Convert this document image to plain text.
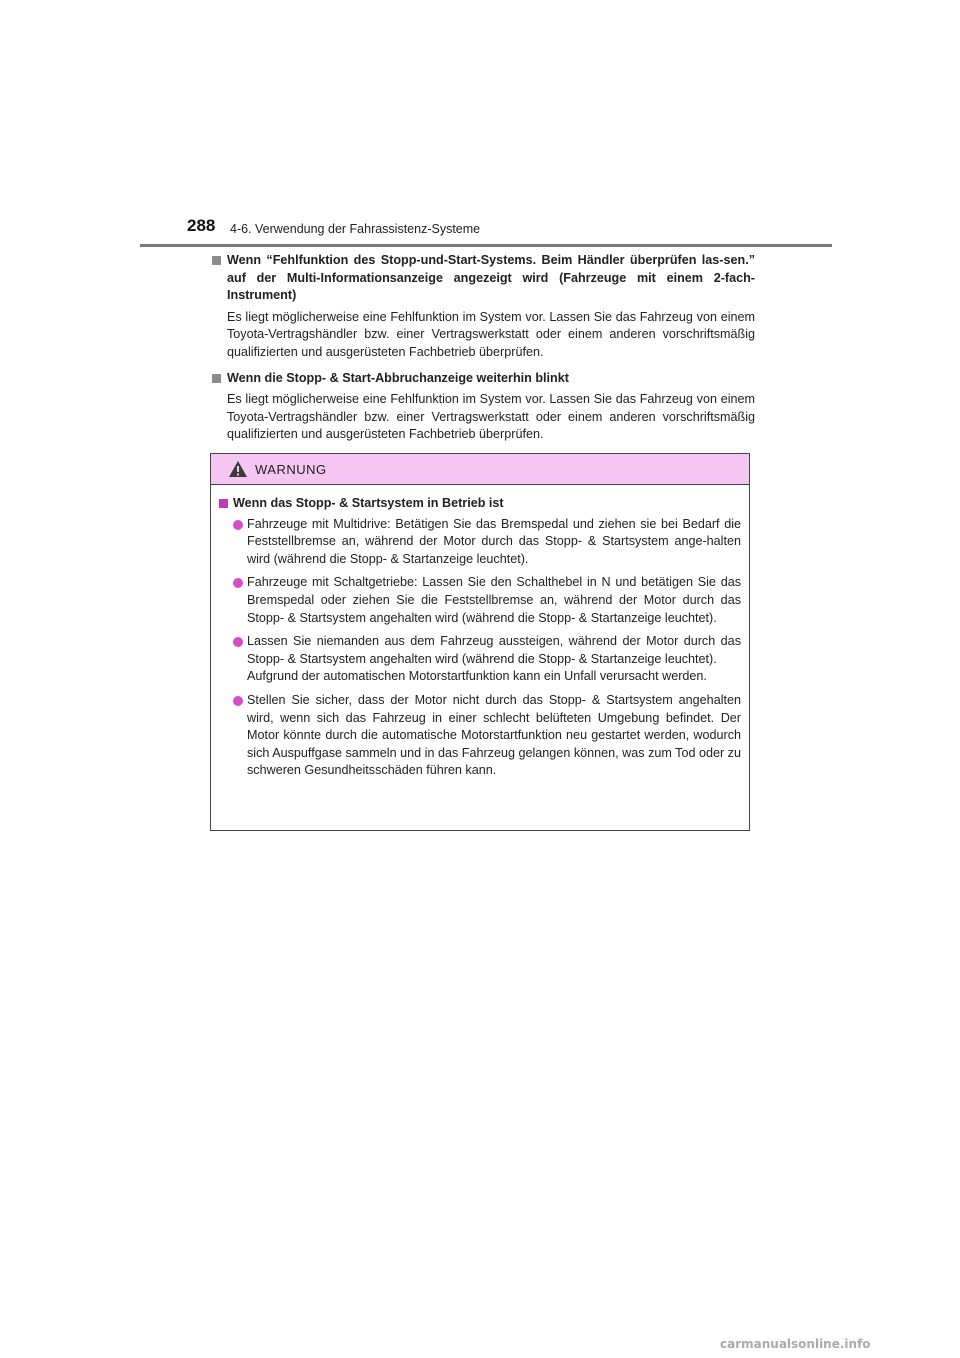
288 4-6. Verwendung der Fahrassistenz-Systeme
Wenn “Fehlfunktion des Stopp-und-Start-Systems. Beim Händler überprüfen las-sen.” auf der Multi-Informationsanzeige angezeigt wird (Fahrzeuge mit einem 2-fach-Instrument)
Es liegt möglicherweise eine Fehlfunktion im System vor. Lassen Sie das Fahrzeug von einem Toyota-Vertragshändler bzw. einer Vertragswerkstatt oder einem anderen vorschriftsmäßig qualifizierten und ausgerüsteten Fachbetrieb überprüfen.
Wenn die Stopp- & Start-Abbruchanzeige weiterhin blinkt
Es liegt möglicherweise eine Fehlfunktion im System vor. Lassen Sie das Fahrzeug von einem Toyota-Vertragshändler bzw. einer Vertragswerkstatt oder einem anderen vorschriftsmäßig qualifizierten und ausgerüsteten Fachbetrieb überprüfen.
WARNUNG
Wenn das Stopp- & Startsystem in Betrieb ist
Fahrzeuge mit Multidrive: Betätigen Sie das Bremspedal und ziehen sie bei Bedarf die Feststellbremse an, während der Motor durch das Stopp- & Startsystem ange-halten wird (während die Stopp- & Startanzeige leuchtet).
Fahrzeuge mit Schaltgetriebe: Lassen Sie den Schalthebel in N und betätigen Sie das Bremspedal oder ziehen Sie die Feststellbremse an, während der Motor durch das Stopp- & Startsystem angehalten wird (während die Stopp- & Startanzeige leuchtet).
Lassen Sie niemanden aus dem Fahrzeug aussteigen, während der Motor durch das Stopp- & Startsystem angehalten wird (während die Stopp- & Startanzeige leuchtet).
Aufgrund der automatischen Motorstartfunktion kann ein Unfall verursacht werden.
Stellen Sie sicher, dass der Motor nicht durch das Stopp- & Startsystem angehalten wird, wenn sich das Fahrzeug in einer schlecht belüfteten Umgebung befindet. Der Motor könnte durch die automatische Motorstartfunktion neu gestartet werden, wodurch sich Auspuffgase sammeln und in das Fahrzeug gelangen können, was zum Tod oder zu schweren Gesundheitsschäden führen kann.
carmanualsonline.info
